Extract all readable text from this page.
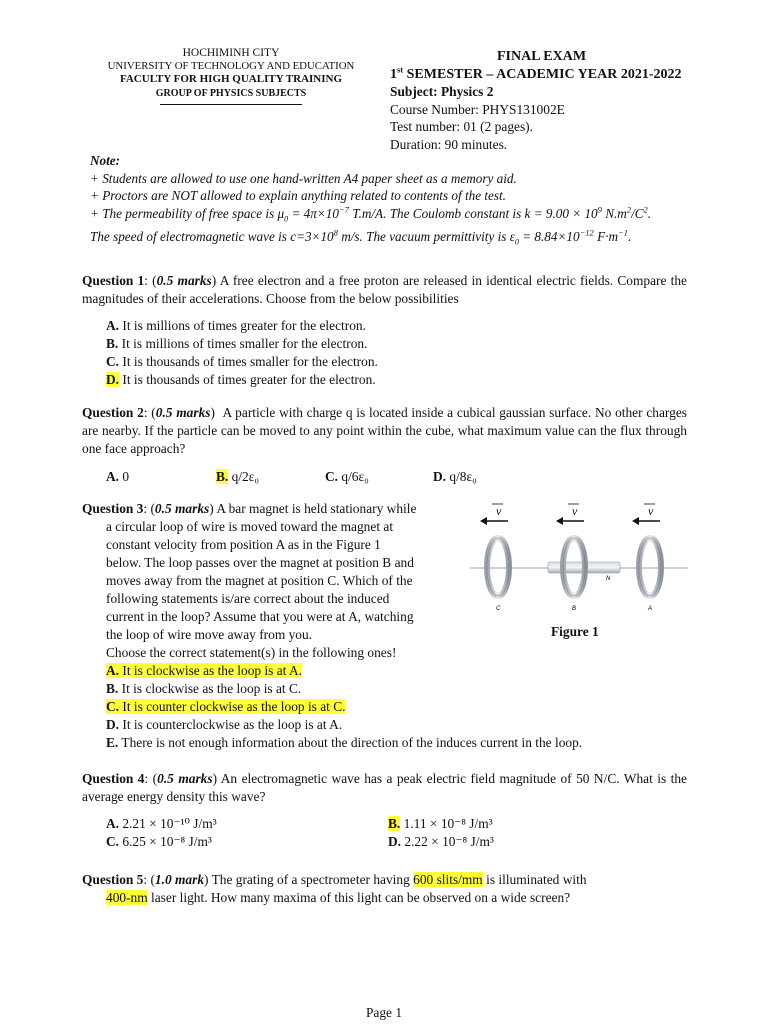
HOCHIMINH CITY
UNIVERSITY OF TECHNOLOGY AND EDUCATION
FACULTY FOR HIGH QUALITY TRAINING
GROUP OF PHYSICS SUBJECTS
FINAL EXAM
1st SEMESTER – ACADEMIC YEAR 2021-2022
Subject: Physics 2
Course Number: PHYS131002E
Test number: 01 (2 pages).
Duration: 90 minutes.
Note:
+ Students are allowed to use one hand-written A4 paper sheet as a memory aid.
+ Proctors are NOT allowed to explain anything related to contents of the test.
+ The permeability of free space is $\mu_0 = 4\pi\times 10^{-7}$ T.m/A. The Coulomb constant is $k = 9.00 \times 10^9$ $N.m^2/C^2$.
The speed of electromagnetic wave is $c=3\times 10^8$ m/s. The vacuum permittivity is $\varepsilon_0 = 8.84\times 10^{-12}$ $F\cdot m^{-1}$.
Question 1: (0.5 marks) A free electron and a free proton are released in identical electric fields. Compare the magnitudes of their accelerations. Choose from the below possibilities
A. It is millions of times greater for the electron.
B. It is millions of times smaller for the electron.
C. It is thousands of times smaller for the electron.
D. It is thousands of times greater for the electron.
Question 2: (0.5 marks)  A particle with charge q is located inside a cubical gaussian surface. No other charges are nearby. If the particle can be moved to any point within the cube, what maximum value can the flux through one face approach?
A. 0	B. q/2ε₀	C. q/6ε₀	D. q/8ε₀
Question 3: (0.5 marks) A bar magnet is held stationary while
a circular loop of wire is moved toward the magnet at
constant velocity from position A as in the Figure 1
below. The loop passes over the magnet at position B and
moves away from the magnet at position C. Which of the
following statements is/are correct about the induced
current in the loop? Assume that you were at A, watching
the loop of wire move away from you.
Choose the correct statement(s) in the following ones!
A. It is clockwise as the loop is at A.
B. It is clockwise as the loop is at C.
C. It is counter clockwise as the loop is at C.
D. It is counterclockwise as the loop is at A.
E. There is not enough information about the direction of the induces current in the loop.
v	v	v
S	N
C	B	A
Figure 1
Question 4: (0.5 marks) An electromagnetic wave has a peak electric field magnitude of 50 N/C. What is the average energy density this wave?
A. 2.21 × 10⁻¹⁰ J/m³	B. 1.11 × 10⁻⁸ J/m³
C. 6.25 × 10⁻⁸ J/m³	D. 2.22 × 10⁻⁸ J/m³
Question 5: (1.0 mark) The grating of a spectrometer having 600 slits/mm is illuminated with
400-nm laser light. How many maxima of this light can be observed on a wide screen?
Page 1
